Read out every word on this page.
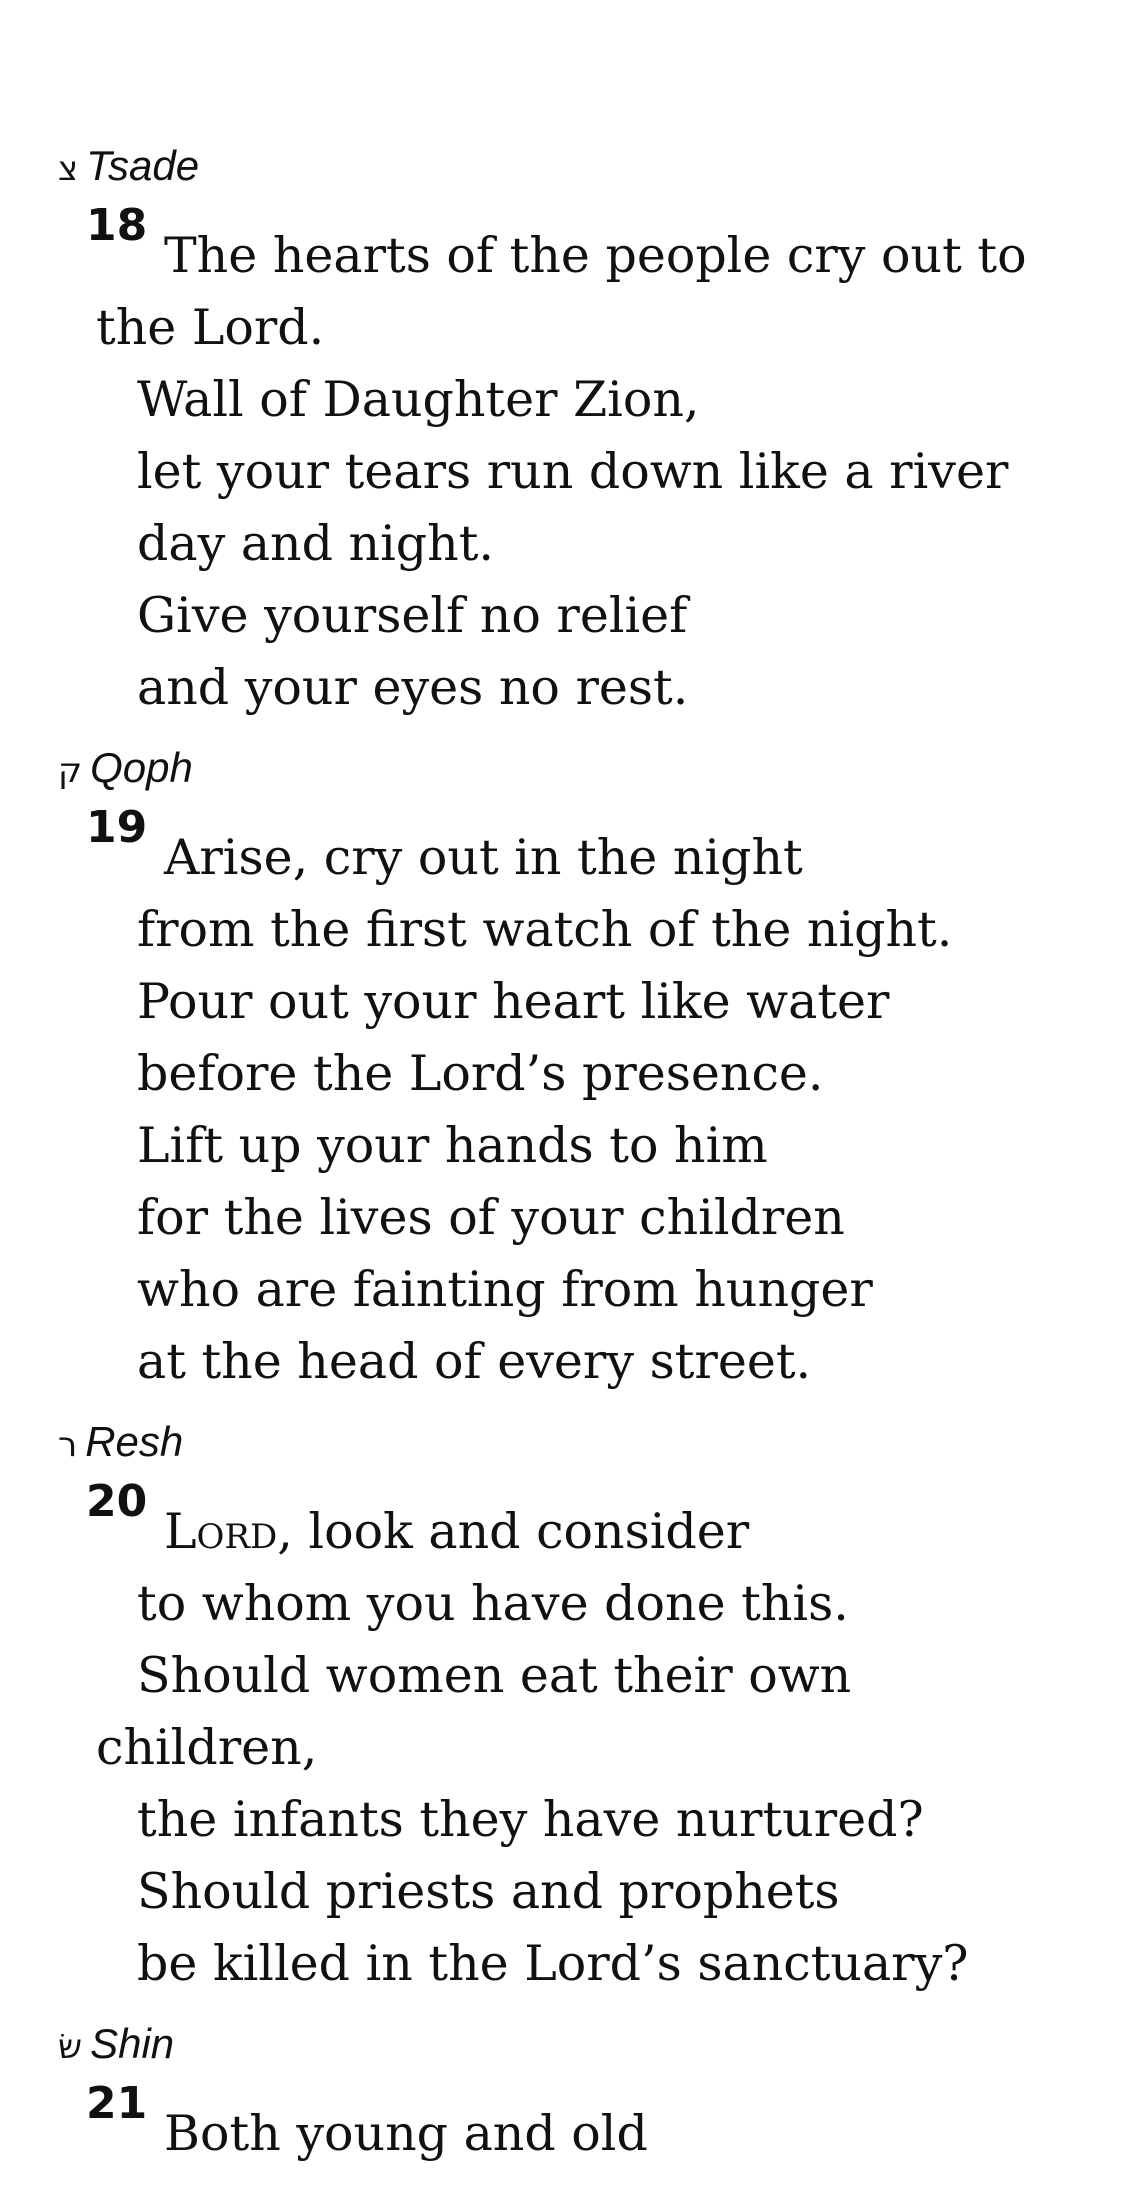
צ Tsade
18
The hearts of the people cry out to
the Lord.
Wall of Daughter Zion,
let your tears run down like a river
day and night.
Give yourself no relief
and your eyes no rest.
ק Qoph
19
Arise, cry out in the night
from the first watch of the night.
Pour out your heart like water
before the Lord’s presence.
Lift up your hands to him
for the lives of your children
who are fainting from hunger
at the head of every street.
ר Resh
20
Lord, look and consider
to whom you have done this.
Should women eat their own
children,
the infants they have nurtured?
Should priests and prophets
be killed in the Lord’s sanctuary?
שׂ Shin
21
Both young and old
